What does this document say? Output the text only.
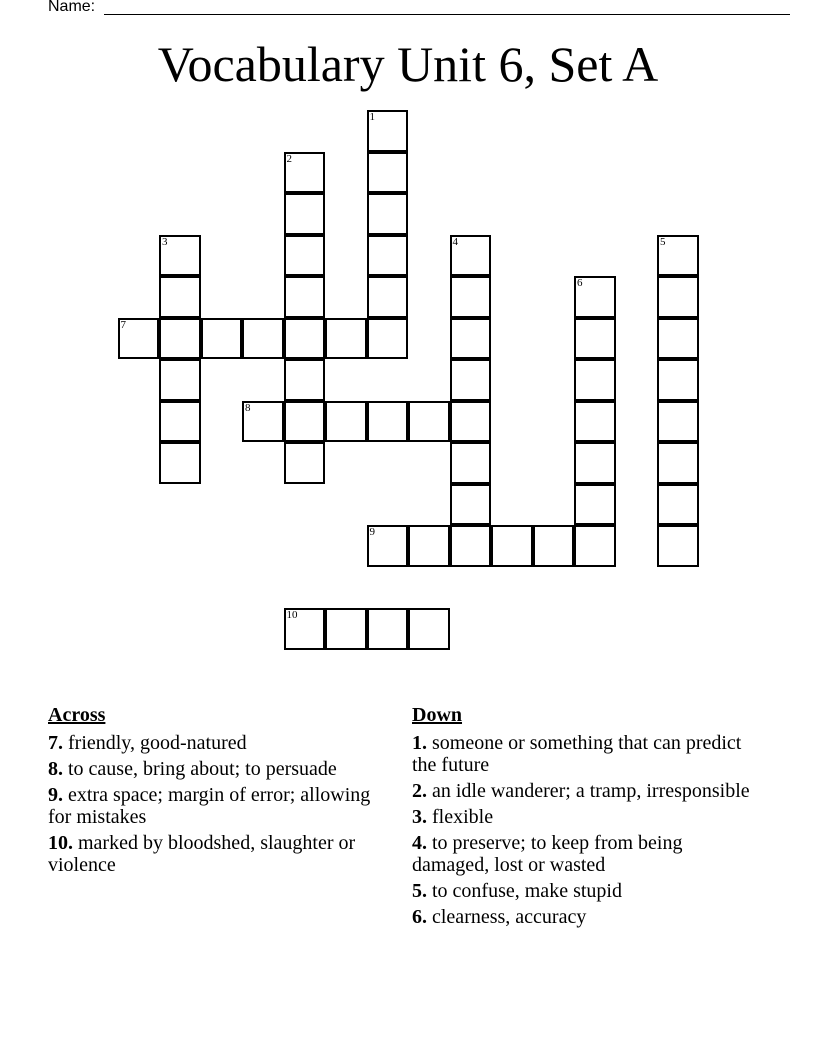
Name:
Vocabulary Unit 6, Set A
1
2
3	4	5
6
7
8
9
10
Across
7. friendly, good-natured
8. to cause, bring about; to persuade
9. extra space; margin of error; allowing for mistakes
10. marked by bloodshed, slaughter or violence
Down
1. someone or something that can predict the future
2. an idle wanderer; a tramp, irresponsible
3. flexible
4. to preserve; to keep from being damaged, lost or wasted
5. to confuse, make stupid
6. clearness, accuracy
